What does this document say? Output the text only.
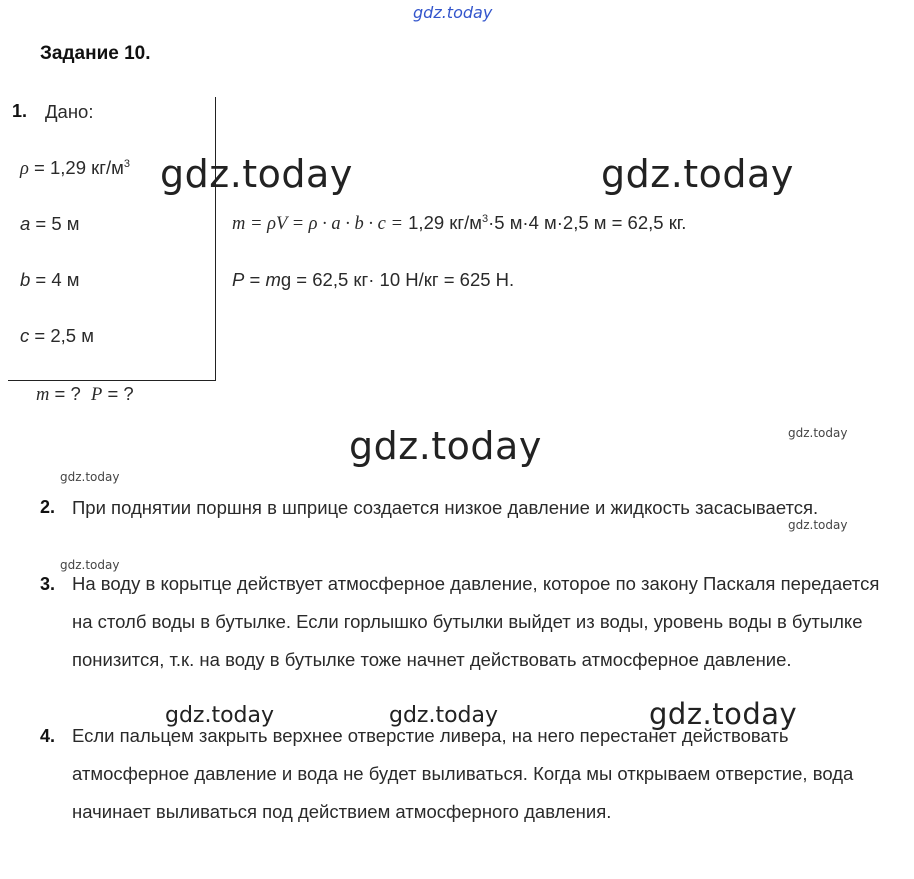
gdz.today
Задание 10.
1. Дано:
ρ = 1,29 $кг/м^3$
a = 5 м
b = 4 м
c = 2,5 м
m = ? P = ?
m = ρV = ρ · a · b · c = 1,29 $кг/м^3\cdot 5$ м·4 м·2,5 м = 62,5 кг.
P = mg = 62,5 кг· 10 Н/кг = 625 Н.
gdz.today	gdz.today
gdz.today	gdz.today
gdz.today
2. При поднятии поршня в шприце создается низкое давление и жидкость засасывается.
gdz.today
3.
gdz.today
На воду в корытце действует атмосферное давление, которое по закону Паскаля передается на столб воды в бутылке. Если горлышко бутылки выйдет из воды, уровень воды в бутылке понизится, т.к. на воду в бутылке тоже начнет действовать атмосферное давление.
4. Если пальцем закрыть верхнее отверстие ливера, на него перестанет действовать атмосферное давление и вода не будет выливаться. Когда мы открываем отверстие, вода начинает выливаться под действием атмосферного давления.
gdz.today	gdz.today	gdz.today
